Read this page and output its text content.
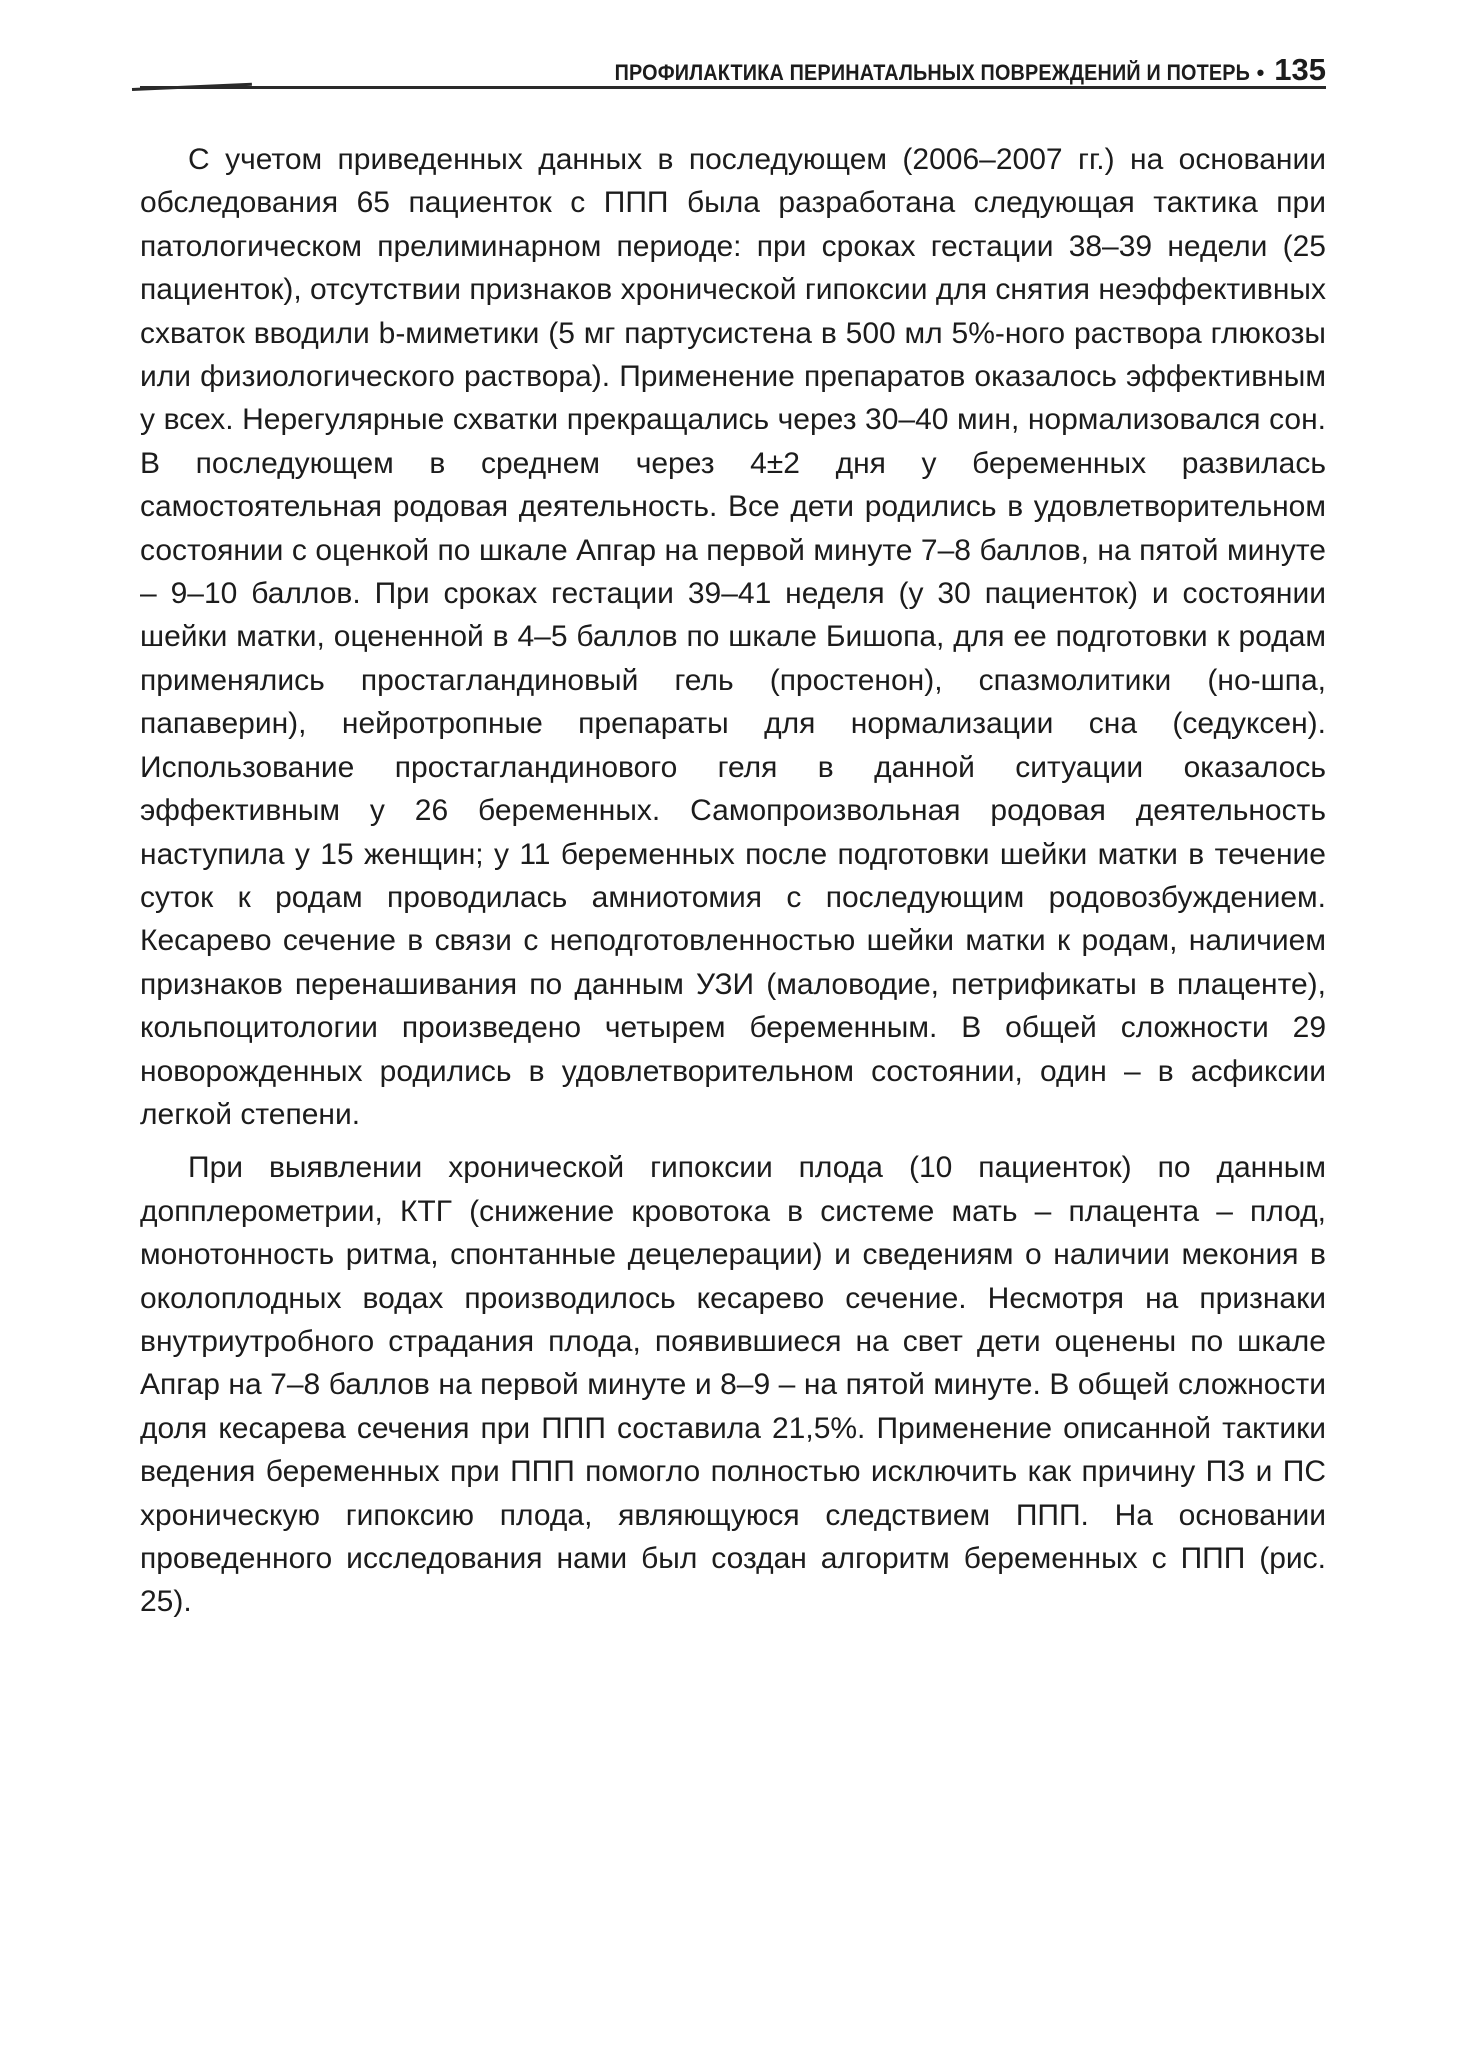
ПРОФИЛАКТИКА ПЕРИНАТАЛЬНЫХ ПОВРЕЖДЕНИЙ И ПОТЕРЬ • 135

С учетом приведенных данных в последующем (2006–2007 гг.) на основании обследования 65 пациенток с ППП была разработана следующая тактика при патологическом прелиминарном периоде: при сроках гестации 38–39 недели (25 пациенток), отсутствии признаков хронической гипоксии для снятия неэффективных схваток вводили b-миметики (5 мг партусистена в 500 мл 5%-ного раствора глюкозы или физиологического раствора). Применение препаратов оказалось эффективным у всех. Нерегулярные схватки прекращались через 30–40 мин, нормализовался сон. В последующем в среднем через 4±2 дня у беременных развилась самостоятельная родовая деятельность. Все дети родились в удовлетворительном состоянии с оценкой по шкале Апгар на первой минуте 7–8 баллов, на пятой минуте – 9–10 баллов. При сроках гестации 39–41 неделя (у 30 пациенток) и состоянии шейки матки, оцененной в 4–5 баллов по шкале Бишопа, для ее подготовки к родам применялись простагландиновый гель (простенон), спазмолитики (но-шпа, папаверин), нейротропные препараты для нормализации сна (седуксен). Использование простагландинового геля в данной ситуации оказалось эффективным у 26 беременных. Самопроизвольная родовая деятельность наступила у 15 женщин; у 11 беременных после подготовки шейки матки в течение суток к родам проводилась амниотомия с последующим родовозбуждением. Кесарево сечение в связи с неподготовленностью шейки матки к родам, наличием признаков перенашивания по данным УЗИ (маловодие, петрификаты в плаценте), кольпоцитологии произведено четырем беременным. В общей сложности 29 новорожденных родились в удовлетворительном состоянии, один – в асфиксии легкой степени.

При выявлении хронической гипоксии плода (10 пациенток) по данным допплерометрии, КТГ (снижение кровотока в системе мать – плацента – плод, монотонность ритма, спонтанные децелерации) и сведениям о наличии мекония в околоплодных водах производилось кесарево сечение. Несмотря на признаки внутриутробного страдания плода, появившиеся на свет дети оценены по шкале Апгар на 7–8 баллов на первой минуте и 8–9 – на пятой минуте. В общей сложности доля кесарева сечения при ППП составила 21,5%. Применение описанной тактики ведения беременных при ППП помогло полностью исключить как причину ПЗ и ПС хроническую гипоксию плода, являющуюся следствием ППП. На основании проведенного исследования нами был создан алгоритм беременных с ППП (рис. 25).
